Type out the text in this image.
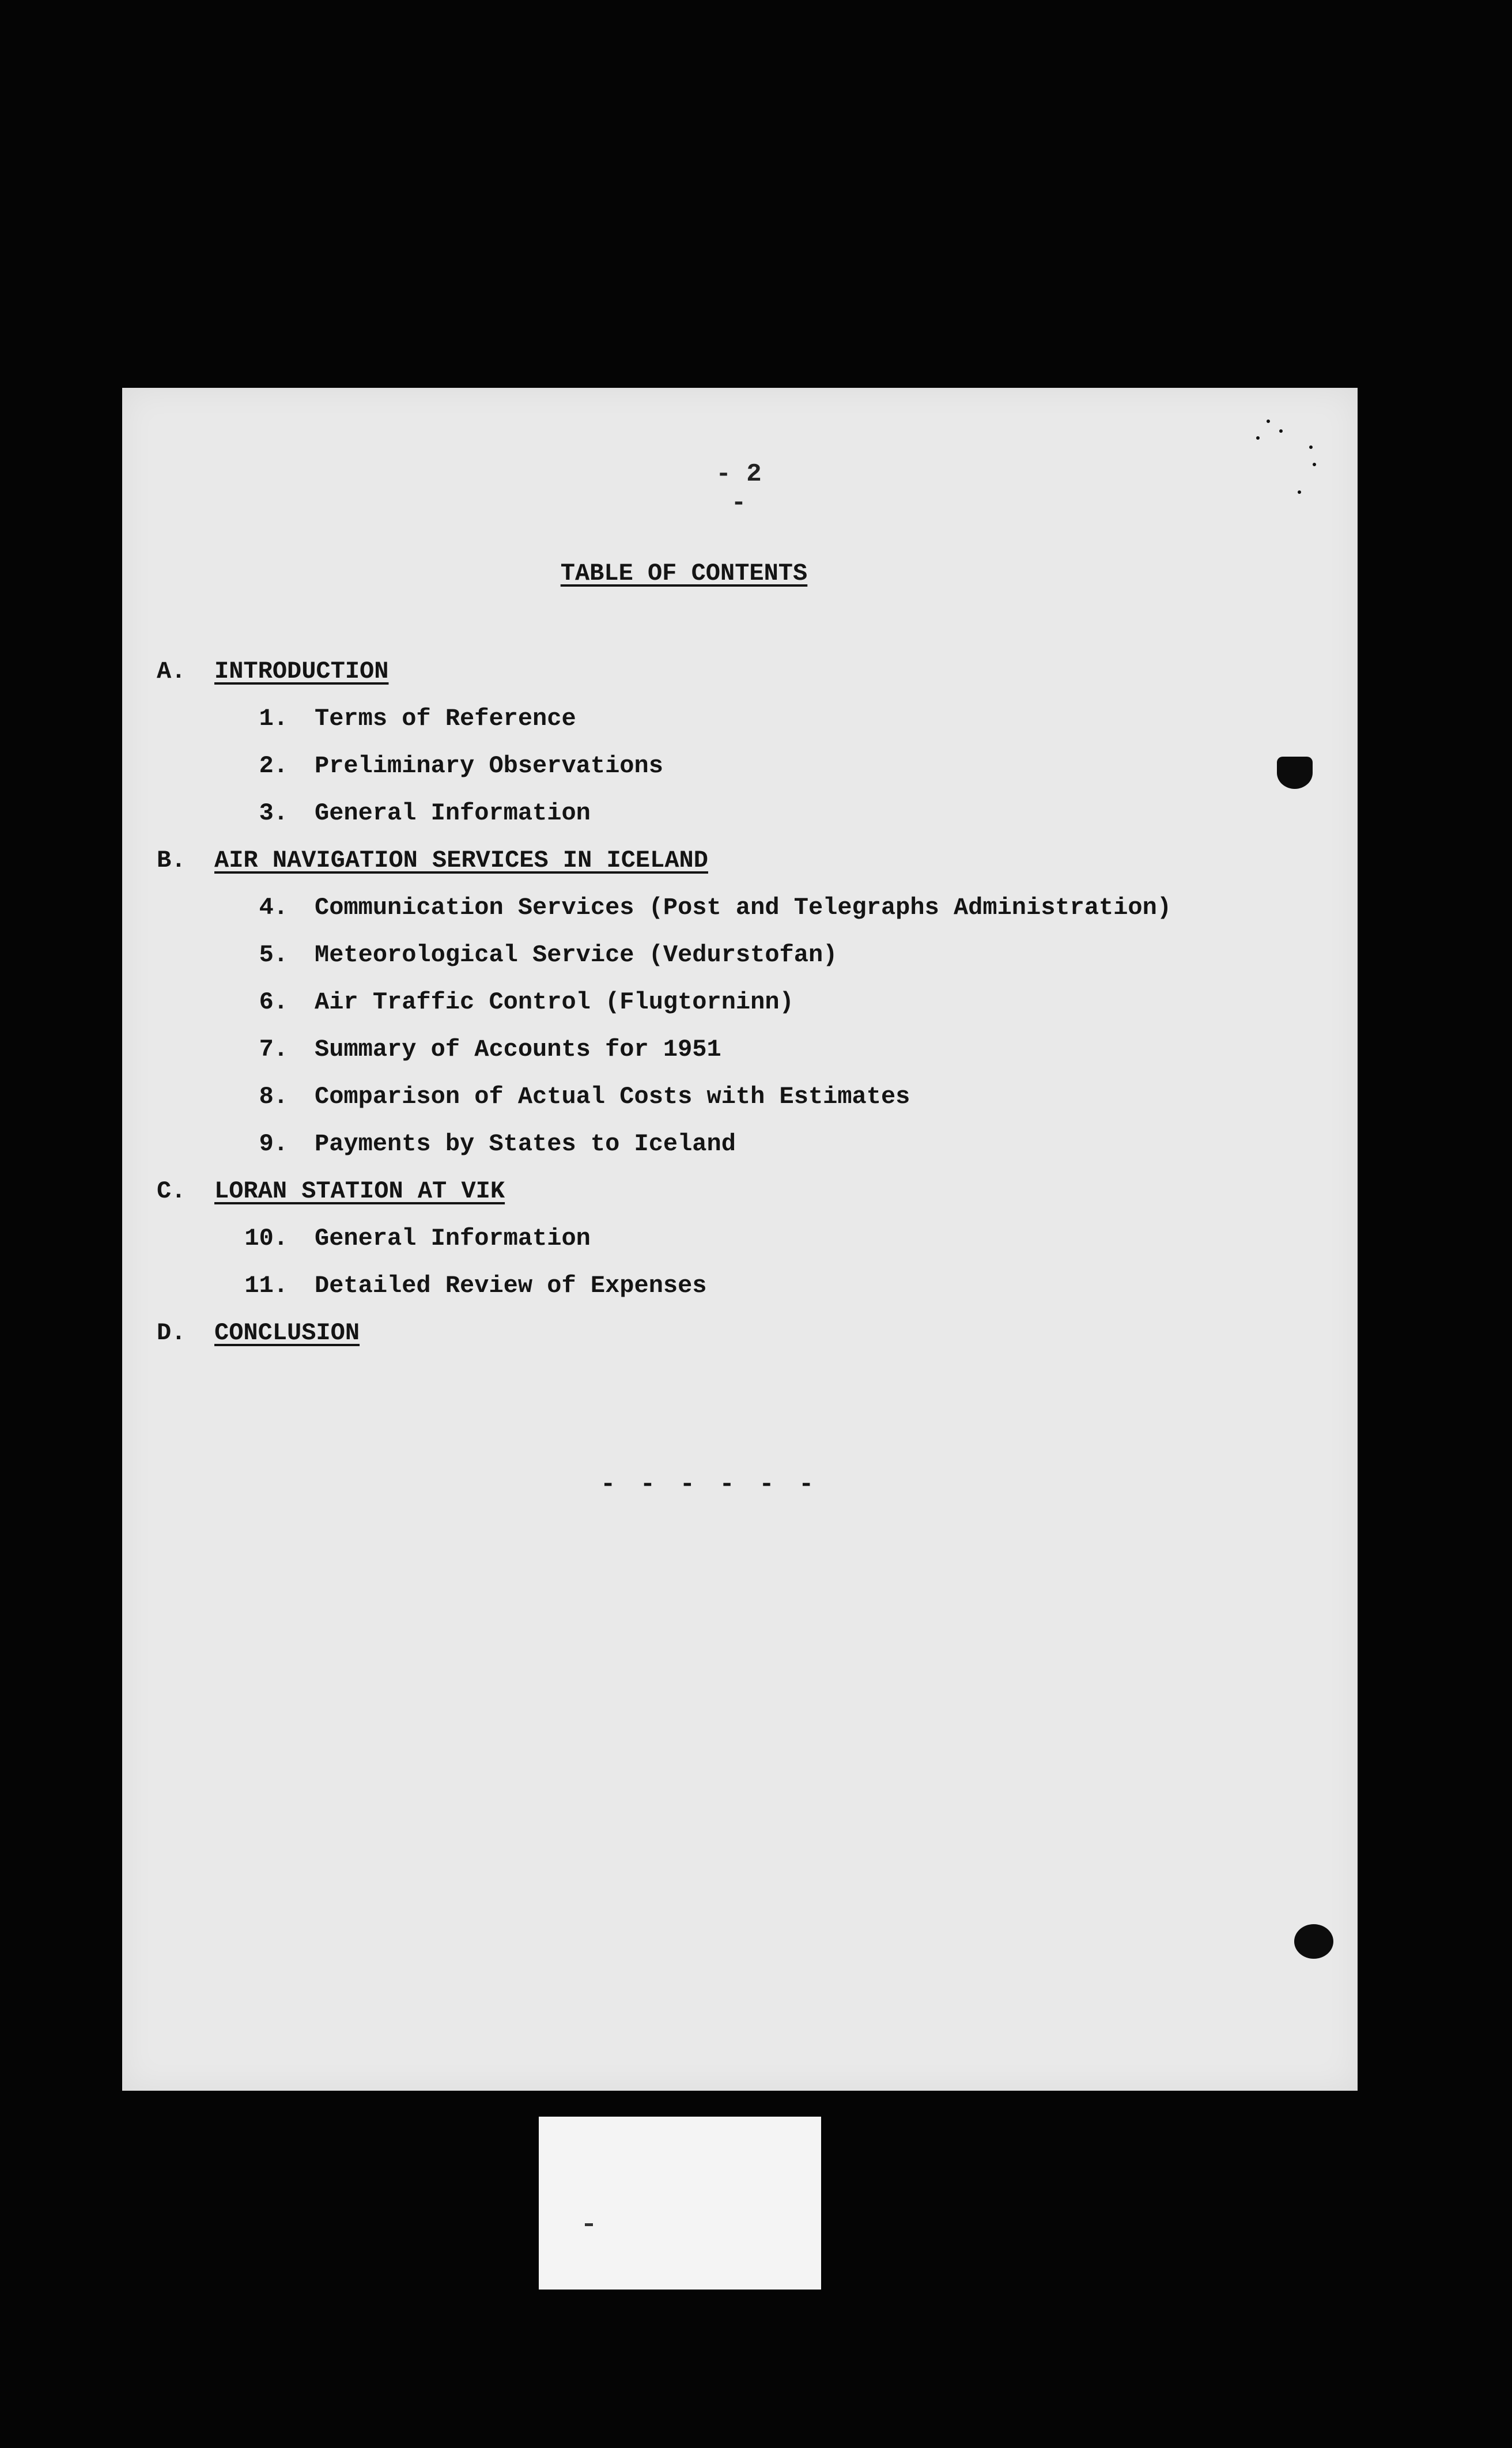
- 2 -
TABLE OF CONTENTS
A. INTRODUCTION
1. Terms of Reference
2. Preliminary Observations
3. General Information
B. AIR NAVIGATION SERVICES IN ICELAND
4. Communication Services (Post and Telegraphs Administration)
5. Meteorological Service (Vedurstofan)
6. Air Traffic Control (Flugtorninn)
7. Summary of Accounts for 1951
8. Comparison of Actual Costs with Estimates
9. Payments by States to Iceland
C. LORAN STATION AT VIK
10. General Information
11. Detailed Review of Expenses
D. CONCLUSION
- - - - - -
